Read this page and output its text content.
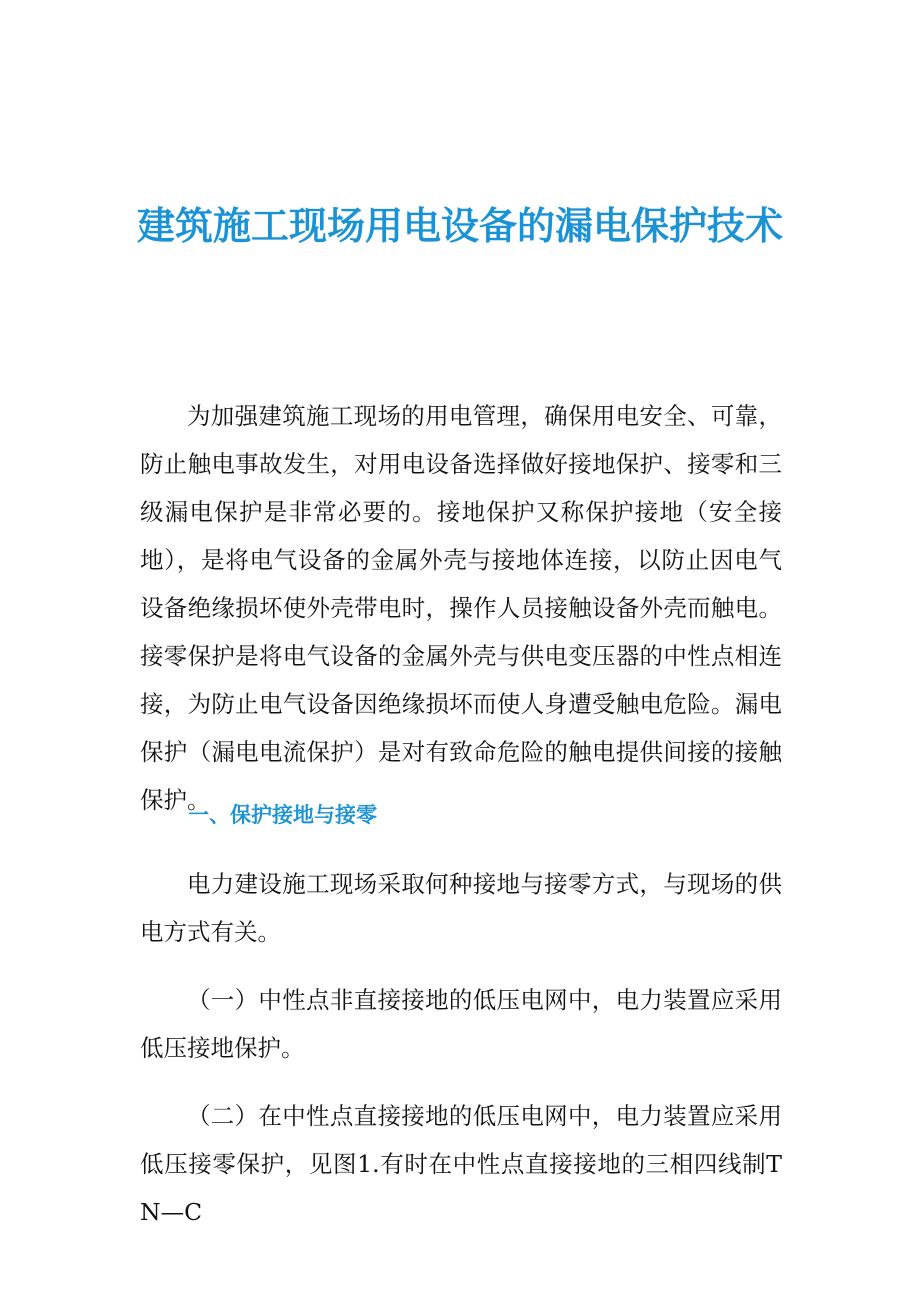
建筑施工现场用电设备的漏电保护技术

为加强建筑施工现场的用电管理，确保用电安全、可靠，防止触电事故发生，对用电设备选择做好接地保护、接零和三级漏电保护是非常必要的。接地保护又称保护接地（安全接地），是将电气设备的金属外壳与接地体连接，以防止因电气设备绝缘损坏使外壳带电时，操作人员接触设备外壳而触电。接零保护是将电气设备的金属外壳与供电变压器的中性点相连接，为防止电气设备因绝缘损坏而使人身遭受触电危险。漏电保护（漏电电流保护）是对有致命危险的触电提供间接的接触保护。

一、保护接地与接零

电力建设施工现场采取何种接地与接零方式，与现场的供电方式有关。

（一）中性点非直接接地的低压电网中，电力装置应采用低压接地保护。

（二）在中性点直接接地的低压电网中，电力装置应采用低压接零保护，见图1.有时在中性点直接接地的三相四线制TN—C
